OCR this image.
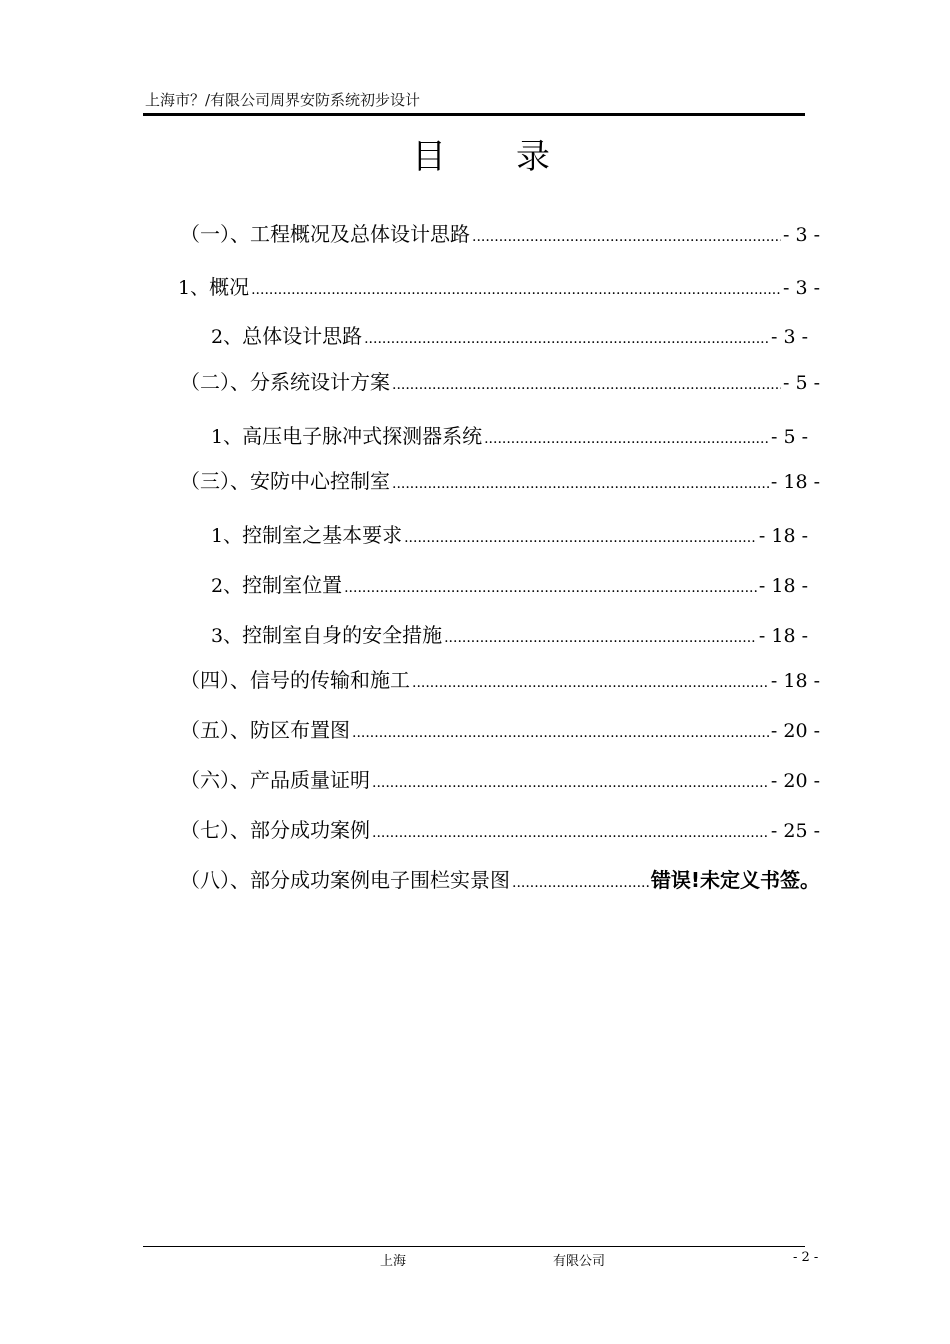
上海市？/有限公司周界安防系统初步设计
目 录
（一）、 工程概况及总体设计思路 .....	- 3 -
1、 概况 .....	- 3 -
2、 总体设计思路 .....	- 3 -
（二）、 分系统设计方案 .....	- 5 -
1、 高压电子脉冲式探测器系统 .....	- 5 -
（三）、 安防中心控制室 .....	- 18 -
1、 控制室之基本要求 .....	- 18 -
2、 控制室位置 .....	- 18 -
3、 控制室自身的安全措施 .....	- 18 -
（四）、 信号的传输和施工 .....	- 18 -
（五）、 防区布置图 .....	- 20 -
（六）、 产品质量证明 .....	- 20 -
（七）、 部分成功案例 .....	- 25 -
（八）、 部分成功案例电子围栏实景图 .....	错误!未定义书签。
上海	有限公司	- 2 -
